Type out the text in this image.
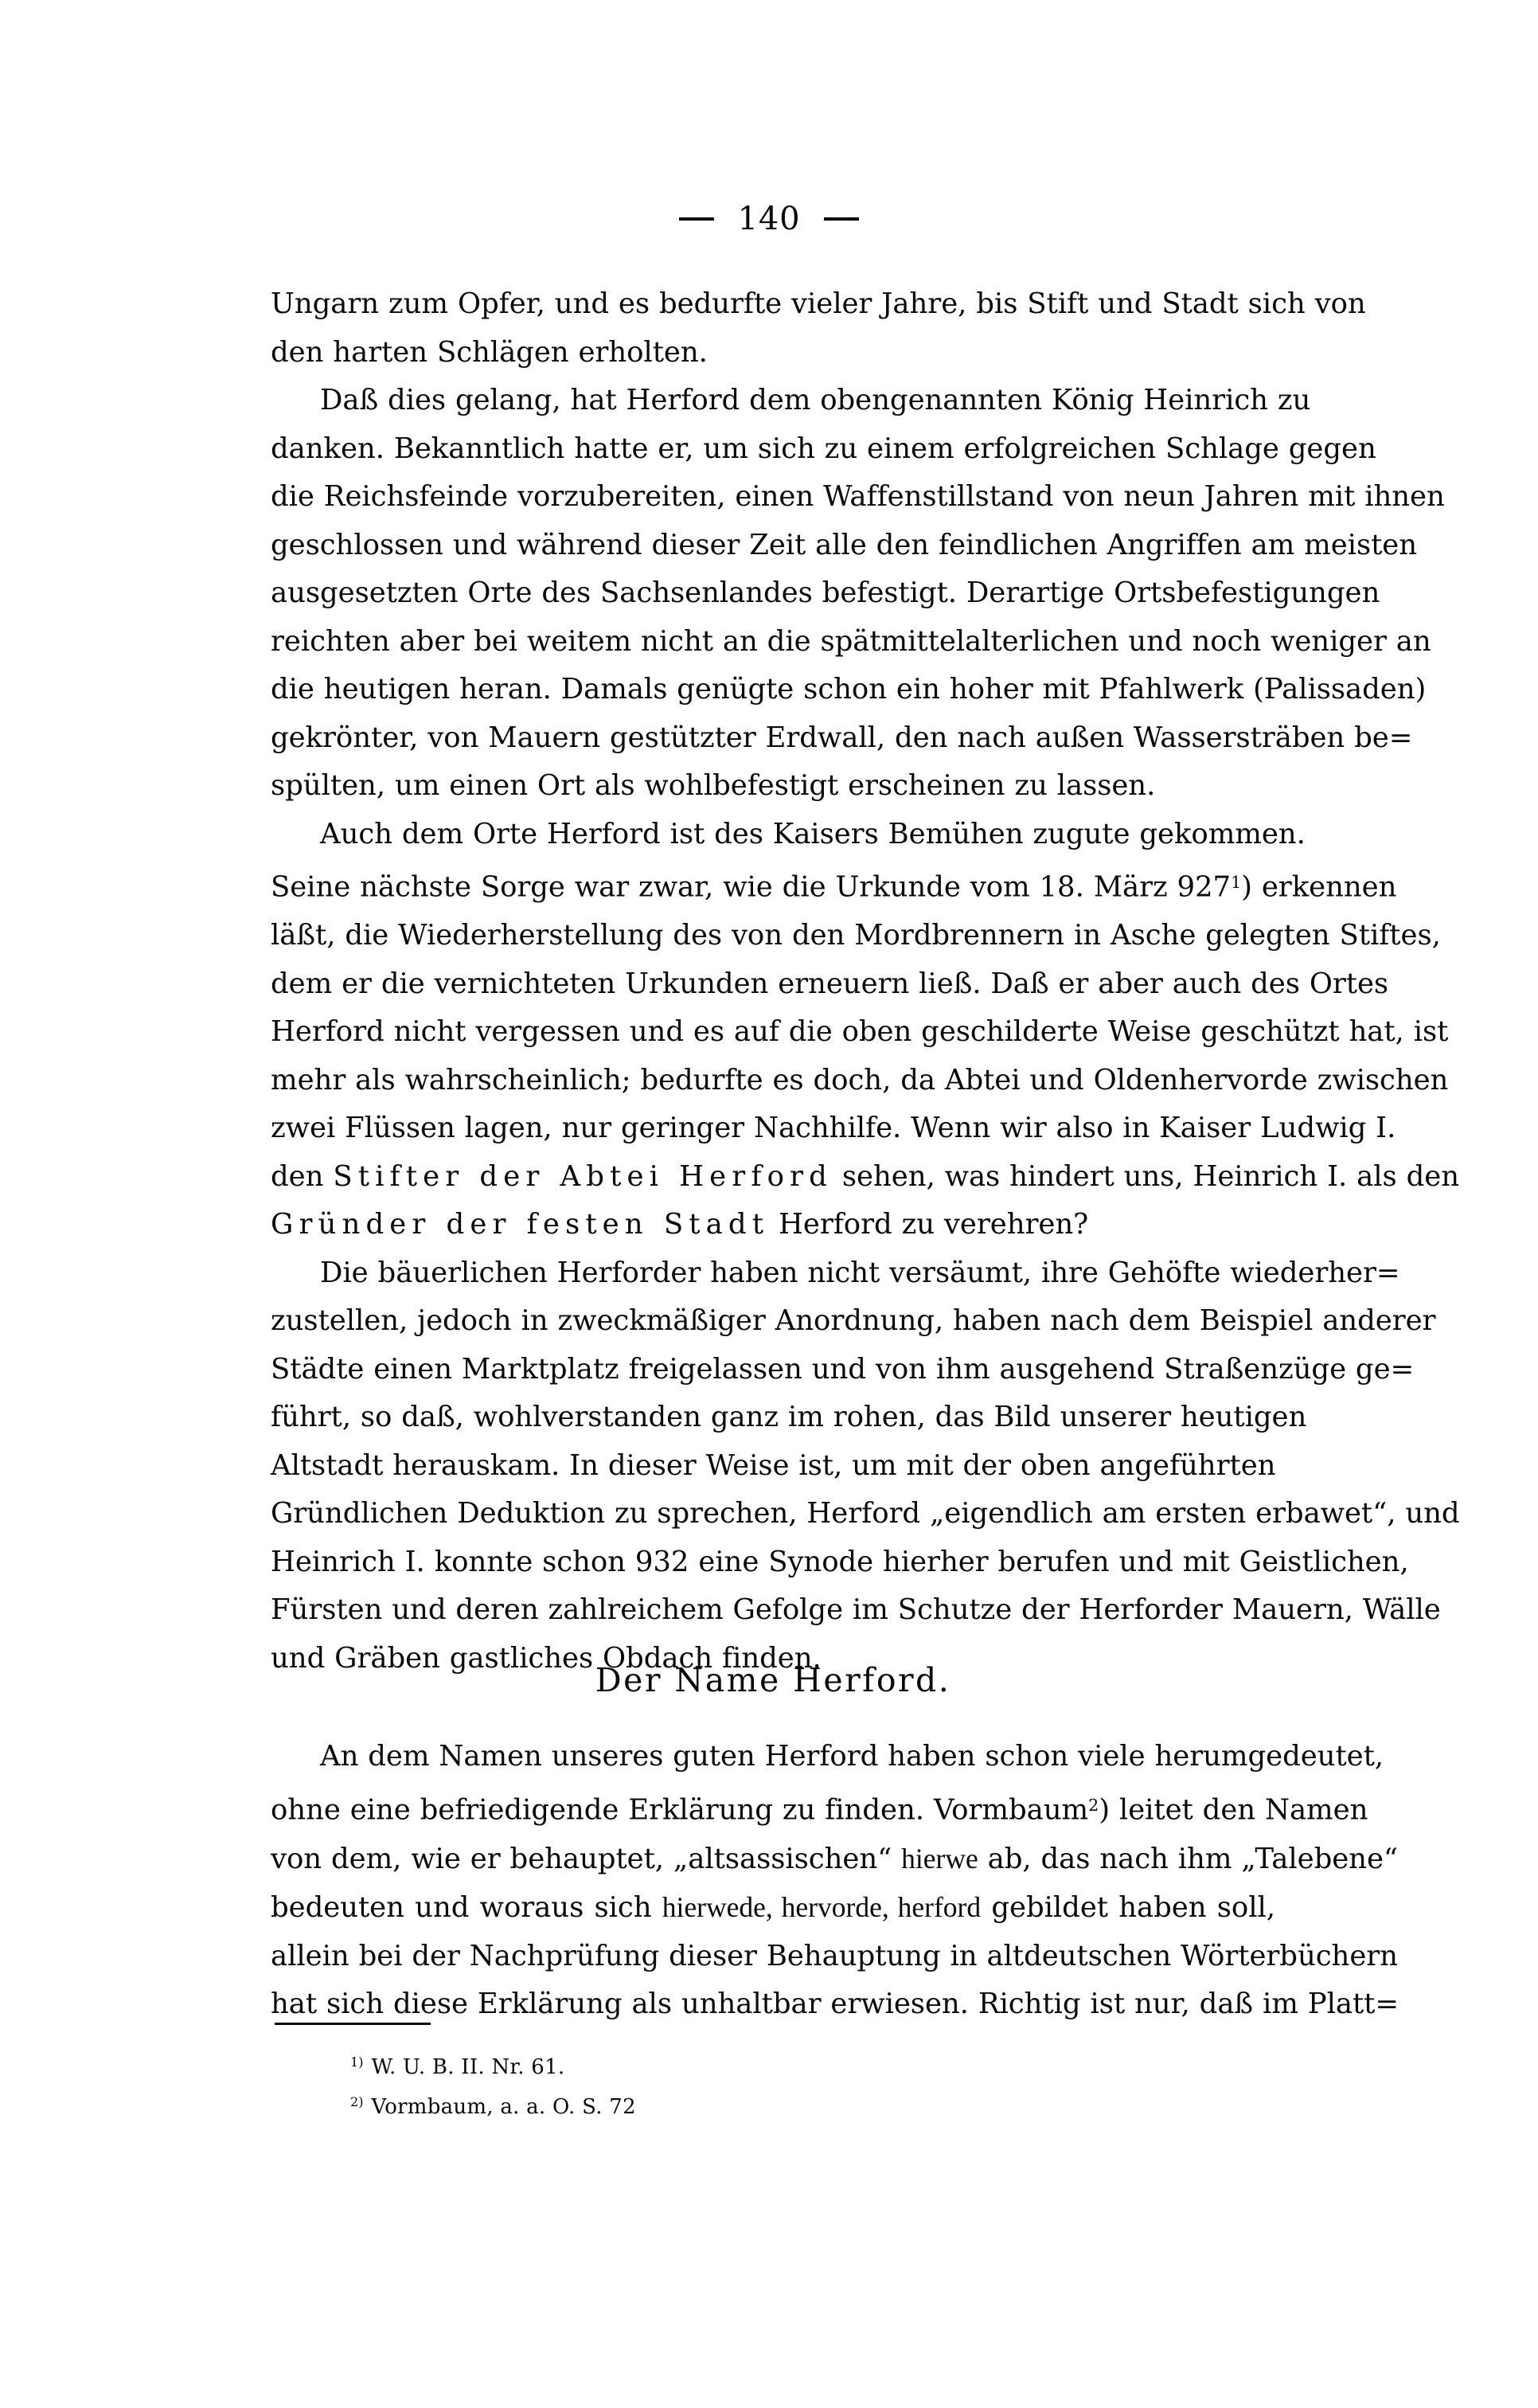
140

Ungarn zum Opfer, und es bedurfte vieler Jahre, bis Stift und Stadt sich von
den harten Schlägen erholten.

Daß dies gelang, hat Herford dem obengenannten König Heinrich zu
danken. Bekanntlich hatte er, um sich zu einem erfolgreichen Schlage gegen
die Reichsfeinde vorzubereiten, einen Waffenstillstand von neun Jahren mit ihnen
geschlossen und während dieser Zeit alle den feindlichen Angriffen am meisten
ausgesetzten Orte des Sachsenlandes befestigt. Derartige Ortsbefestigungen
reichten aber bei weitem nicht an die spätmittelalterlichen und noch weniger an
die heutigen heran. Damals genügte schon ein hoher mit Pfahlwerk (Palissaden)
gekrönter, von Mauern gestützter Erdwall, den nach außen Wassersträben be=
spülten, um einen Ort als wohlbefestigt erscheinen zu lassen.

Auch dem Orte Herford ist des Kaisers Bemühen zugute gekommen.
Seine nächste Sorge war zwar, wie die Urkunde vom 18. März 927$^1$) erkennen
läßt, die Wiederherstellung des von den Mordbrennern in Asche gelegten Stiftes,
dem er die vernichteten Urkunden erneuern ließ. Daß er aber auch des Ortes
Herford nicht vergessen und es auf die oben geschilderte Weise geschützt hat, ist
mehr als wahrscheinlich; bedurfte es doch, da Abtei und Oldenhervorde zwischen
zwei Flüssen lagen, nur geringer Nachhilfe. Wenn wir also in Kaiser Ludwig I.
den Stifter der Abtei Herford sehen, was hindert uns, Heinrich I. als den
Gründer der festen Stadt Herford zu verehren?

Die bäuerlichen Herforder haben nicht versäumt, ihre Gehöfte wiederher=
zustellen, jedoch in zweckmäßiger Anordnung, haben nach dem Beispiel anderer
Städte einen Marktplatz freigelassen und von ihm ausgehend Straßenzüge ge=
führt, so daß, wohlverstanden ganz im rohen, das Bild unserer heutigen
Altstadt herauskam. In dieser Weise ist, um mit der oben angeführten
Gründlichen Deduktion zu sprechen, Herford „eigendlich am ersten erbawet“, und
Heinrich I. konnte schon 932 eine Synode hierher berufen und mit Geistlichen,
Fürsten und deren zahlreichem Gefolge im Schutze der Herforder Mauern, Wälle
und Gräben gastliches Obdach finden.

Der Name Herford.

An dem Namen unseres guten Herford haben schon viele herumgedeutet,
ohne eine befriedigende Erklärung zu finden. Vormbaum$^2$) leitet den Namen
von dem, wie er behauptet, „altsassischen“ hierwe ab, das nach ihm „Talebene“
bedeuten und woraus sich hierwede, hervorde, herford gebildet haben soll,
allein bei der Nachprüfung dieser Behauptung in altdeutschen Wörterbüchern
hat sich diese Erklärung als unhaltbar erwiesen. Richtig ist nur, daß im Platt=

$^{1)}$ W. U. B. II. Nr. 61.
$^{2)}$ Vormbaum, a. a. O. S. 72
